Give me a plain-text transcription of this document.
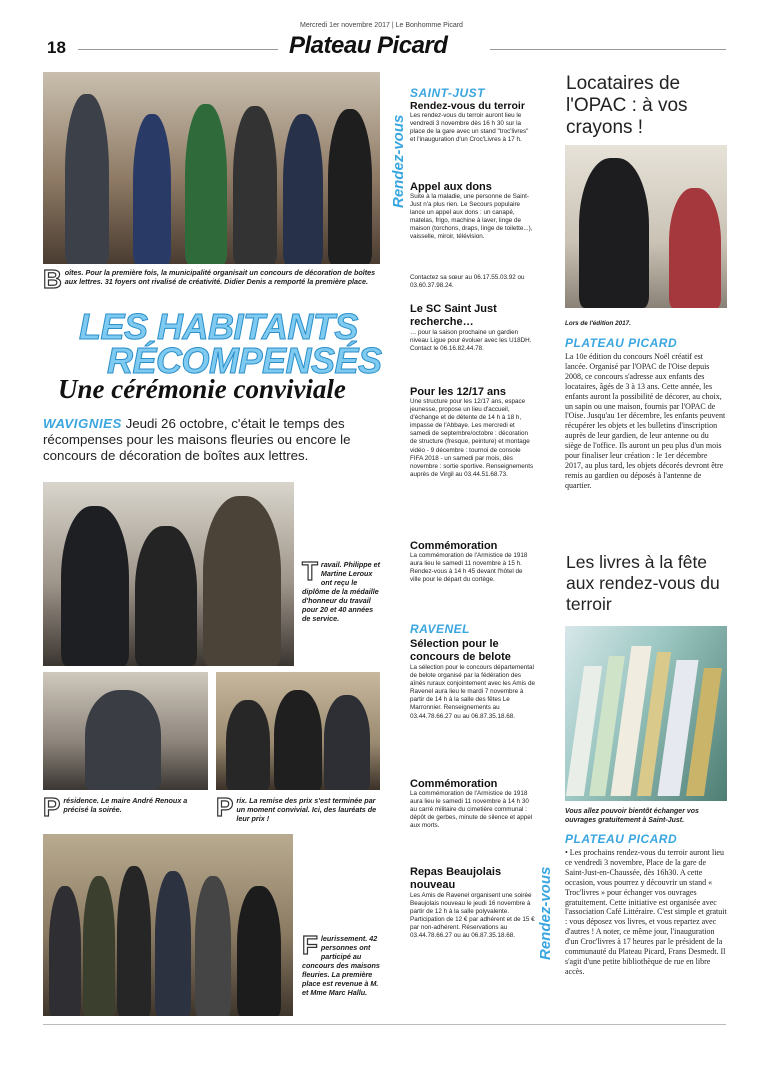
Mercredi 1er novembre 2017 | Le Bonhomme Picard
18	Plateau Picard
B oîtes. Pour la première fois, la municipalité organisait un concours de décoration de boîtes aux lettres. 31 foyers ont rivalisé de créativité. Didier Denis a remporté la première place.
LES HABITANTS
RÉCOMPENSÉS
Une cérémonie conviviale
WAVIGNIES Jeudi 26 octobre, c'était le temps des récompenses pour les maisons fleuries ou encore le concours de décoration de boîtes aux lettres.
T ravail. Philippe et Martine Leroux ont reçu le diplôme de la médaille d'honneur du travail pour 20 et 40 années de service.
P résidence. Le maire André Renoux a précisé la soirée.	P rix. La remise des prix s'est terminée par un moment convivial. Ici, des lauréats de leur prix !
F leurissement. 42 personnes ont participé au concours des maisons fleuries. La première place est revenue à M. et Mme Marc Hallu.
Rendez-vous
Rendez-vous
SAINT-JUST
Rendez-vous du terroir
Les rendez-vous du terroir auront lieu le vendredi 3 novembre dès 16 h 30 sur la place de la gare avec un stand "troc'livres" et l'inauguration d'un Croc'Livres à 17 h.
Appel aux dons
Suite à la maladie, une personne de Saint-Just n'a plus rien. Le Secours populaire lance un appel aux dons : un canapé, matelas, frigo, machine à laver, linge de maison (torchons, draps, linge de toilette...), vaisselle, miroir, télévision.
Contactez sa sœur au 06.17.55.03.92 ou 03.60.37.98.24.
Le SC Saint Just recherche…
… pour la saison prochaine un gardien niveau Ligue pour évoluer avec les U18DH. Contact le 06.16.82.44.78.
Pour les 12/17 ans
Une structure pour les 12/17 ans, espace jeunesse, propose un lieu d'accueil, d'échange et de détente de 14 h à 18 h, impasse de l'Abbaye. Les mercredi et samedi de septembre/octobre : décoration de structure (fresque, peinture) et montage vidéo - 9 décembre : tournoi de console FIFA 2018 - un samedi par mois, dès novembre : sortie sportive. Renseignements auprès de Virgil au 03.44.51.68.73.
Commémoration
La commémoration de l'Armistice de 1918 aura lieu le samedi 11 novembre à 15 h. Rendez-vous à 14 h 45 devant l'hôtel de ville pour le départ du cortège.
RAVENEL
Sélection pour le concours de belote
La sélection pour le concours départemental de belote organisé par la fédération des aînés ruraux conjointement avec les Amis de Ravenel aura lieu le mardi 7 novembre à partir de 14 h à la salle des fêtes Le Marronnier. Renseignements au 03.44.78.66.27 ou au 06.87.35.18.68.
Commémoration
La commémoration de l'Armistice de 1918 aura lieu le samedi 11 novembre à 14 h 30 au carré militaire du cimetière communal : dépôt de gerbes, minute de silence et appel aux morts.
Repas Beaujolais nouveau
Les Amis de Ravenel organisent une soirée Beaujolais nouveau le jeudi 16 novembre à partir de 12 h à la salle polyvalente. Participation de 12 € par adhérent et de 15 € par non-adhérent. Réservations au 03.44.78.66.27 ou au 06.87.35.18.68.
Locataires de l'OPAC : à vos crayons !
Lors de l'édition 2017.
PLATEAU PICARD
La 10e édition du concours Noël créatif est lancée. Organisé par l'OPAC de l'Oise depuis 2008, ce concours s'adresse aux enfants des locataires, âgés de 3 à 13 ans. Cette année, les enfants auront la possibilité de décorer, au choix, un sapin ou une maison, fournis par l'OPAC de l'Oise. Jusqu'au 1er décembre, les enfants peuvent récupérer les objets et les bulletins d'inscription auprès de leur gardien, de leur antenne ou du siège de l'office. Ils auront un peu plus d'un mois pour finaliser leur création : le 1er décembre 2017, au plus tard, les objets décorés devront être remis au gardien ou déposés à l'antenne de quartier.
Les livres à la fête aux rendez-vous du terroir
Vous allez pouvoir bientôt échanger vos ouvrages gratuitement à Saint-Just.
PLATEAU PICARD
• Les prochains rendez-vous du terroir auront lieu ce vendredi 3 novembre, Place de la gare de Saint-Just-en-Chaussée, dès 16h30. A cette occasion, vous pourrez y découvrir un stand « Troc'livres » pour échanger vos ouvrages gratuitement. Cette initiative est organisée avec l'association Café Littéraire. C'est simple et gratuit : vous déposez vos livres, et vous repartez avec d'autres ! A noter, ce même jour, l'inauguration d'un Croc'livres à 17 heures par le président de la communauté du Plateau Picard, Frans Desmedt. Il s'agit d'une petite bibliothèque de rue en libre accès.
